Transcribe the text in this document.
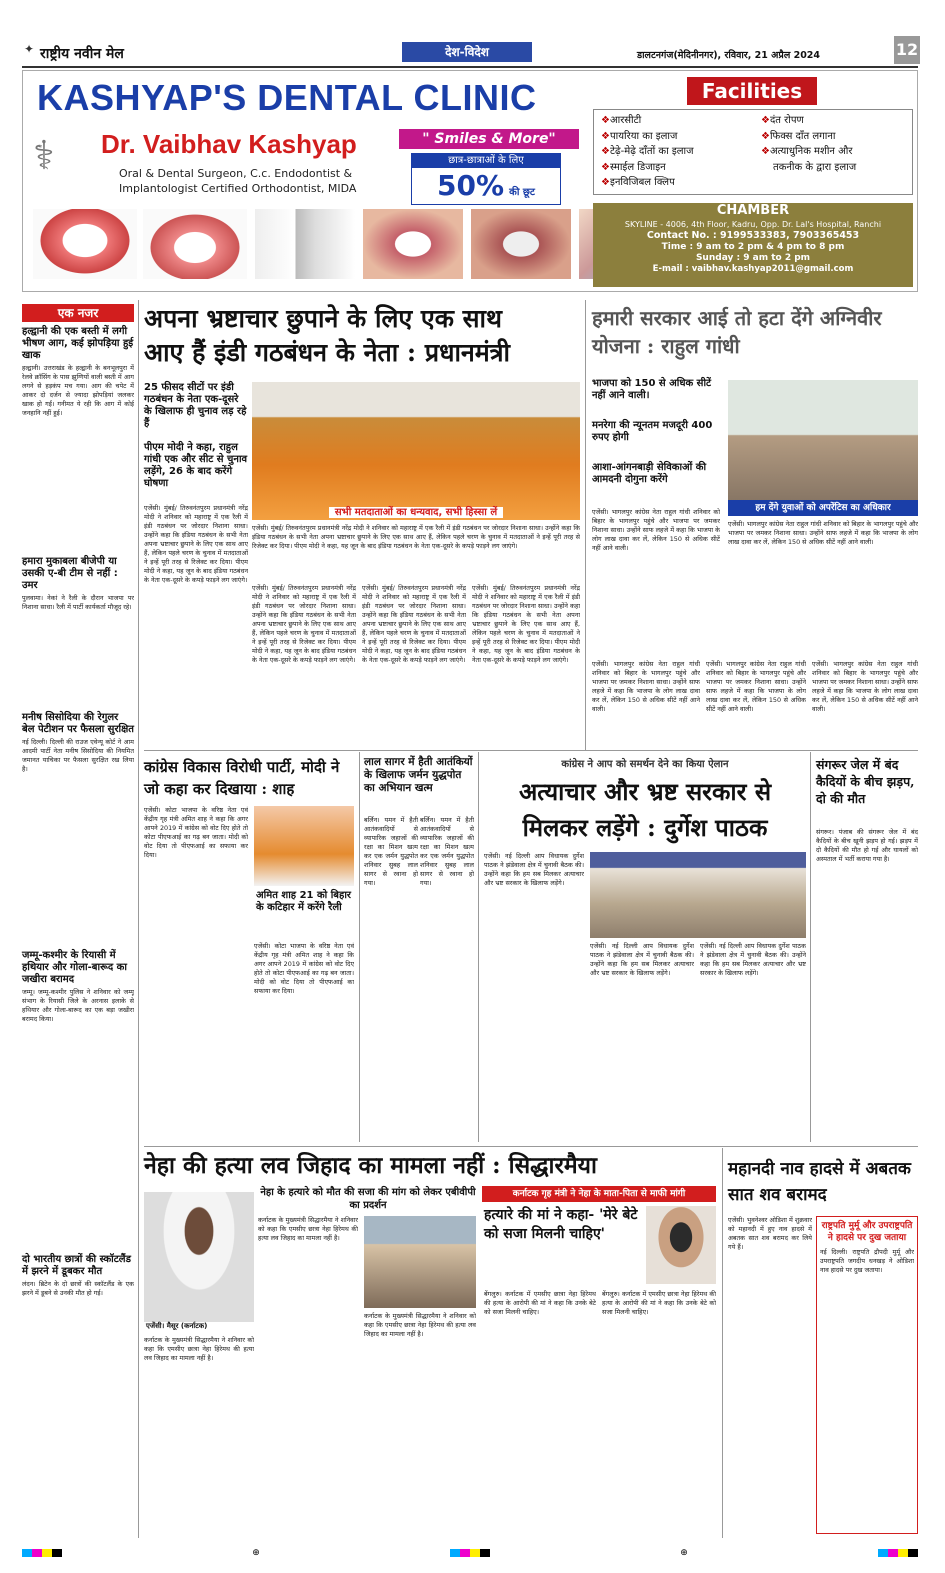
✦ राष्ट्रीय नवीन मेल	देश-विदेश	डालटनगंज(मेदिनीनगर), रविवार, 21 अप्रैल 2024	12
KASHYAP'S DENTAL CLINIC
⚕ Dr. Vaibhav Kashyap	" Smiles & More"
Oral & Dental Surgeon, C.c. Endodontist &
Implantologist Certified Orthodontist, MIDA
छात्र-छात्राओं के लिए
50% की छूट
Facilities
❖ आरसीटी
❖ पायरिया का इलाज
❖ टेढ़े-मेढ़े दाँतों का इलाज
❖ स्माईल डिजाइन
❖ इनविजिबल क्लिप
❖ दंत रोपण
❖ फिक्स दाँत लगाना
❖ अत्याधुनिक मशीन और
तकनीक के द्वारा इलाज
CHAMBER
SKYLINE - 4006, 4th Floor, Kadru, Opp. Dr. Lal's Hospital, Ranchi
Contact No. : 9199533383, 7903365453
Time : 9 am to 2 pm & 4 pm to 8 pm
Sunday : 9 am to 2 pm
E-mail : vaibhav.kashyap2011@gmail.com
एक नजर
हल्द्वानी की एक बस्ती में लगी भीषण आग, कई झोपड़िया हुई खाक
हल्द्वानी। उत्तराखंड के हल्द्वानी के बनभूलपुरा में रेलवे क्रॉसिंग के पास झुग्गियों वाली बस्ती में आग लगने से हड़कंप मच गया। आग की चपेट में आकर दो दर्जन से ज्यादा झोपड़ियां जलकर खाक हो गईं। गनीमत ये रही कि आग में कोई जनहानि नहीं हुई।
हमारा मुकाबला बीजेपी या उसकी ए-बी टीम से नहीं : उमर
पुलवामा। नेकां ने रैली के दौरान भाजपा पर निशाना साधा। रैली में पार्टी कार्यकर्ता मौजूद रहे।
मनीष सिसोदिया की रेगुलर बेल पेटीशन पर फैसला सुरक्षित
नई दिल्ली। दिल्ली की राउज एवेन्यू कोर्ट ने आम आदमी पार्टी नेता मनीष सिसोदिया की नियमित जमानत याचिका पर फैसला सुरक्षित रख लिया है।
जम्मू-कश्मीर के रियासी में हथियार और गोला-बारूद का जखीरा बरामद
जम्मू। जम्मू-कश्मीर पुलिस ने शनिवार को जम्मू संभाग के रियासी जिले के अरनास इलाके से हथियार और गोला-बारूद का एक बड़ा जखीरा बरामद किया।
दो भारतीय छात्रों की स्कॉटलैंड में झरने में डूबकर मौत
लंदन। ब्रिटेन के दो छात्रों की स्कॉटलैंड के एक झरने में डूबने से उनकी मौत हो गई।
अपना भ्रष्टाचार छुपाने के लिए एक साथ
आए हैं इंडी गठबंधन के नेता : प्रधानमंत्री
25 फीसद सीटों पर इंडी गठबंधन के नेता एक-दूसरे के खिलाफ ही चुनाव लड़ रहे हैं
पीएम मोदी ने कहा, राहुल गांधी एक और सीट से चुनाव लड़ेंगे, 26 के बाद करेंगे घोषणा
सभी मतदाताओं का धन्यवाद, सभी हिस्सा लें
एजेंसी। मुंबई/ तिरुवनंतपुरम प्रधानमंत्री नरेंद्र मोदी ने शनिवार को महाराष्ट्र में एक रैली में इंडी गठबंधन पर जोरदार निशाना साधा। उन्होंने कहा कि इंडिया गठबंधन के सभी नेता अपना भ्रष्टाचार छुपाने के लिए एक साथ आए हैं, लेकिन पहले चरण के चुनाव में मतदाताओं ने इन्हें पूरी तरह से रिजेक्ट कर दिया। पीएम मोदी ने कहा, यह जून के बाद इंडिया गठबंधन के नेता एक-दूसरे के कपड़े फाड़ने लग जाएंगे।
एजेंसी। मुंबई/ तिरुवनंतपुरम प्रधानमंत्री नरेंद्र मोदी ने शनिवार को महाराष्ट्र में एक रैली में इंडी गठबंधन पर जोरदार निशाना साधा। उन्होंने कहा कि इंडिया गठबंधन के सभी नेता अपना भ्रष्टाचार छुपाने के लिए एक साथ आए हैं, लेकिन पहले चरण के चुनाव में मतदाताओं ने इन्हें पूरी तरह से रिजेक्ट कर दिया। पीएम मोदी ने कहा, यह जून के बाद इंडिया गठबंधन के नेता एक-दूसरे के कपड़े फाड़ने लग जाएंगे।
एजेंसी। मुंबई/ तिरुवनंतपुरम प्रधानमंत्री नरेंद्र मोदी ने शनिवार को महाराष्ट्र में एक रैली में इंडी गठबंधन पर जोरदार निशाना साधा। उन्होंने कहा कि इंडिया गठबंधन के सभी नेता अपना भ्रष्टाचार छुपाने के लिए एक साथ आए हैं, लेकिन पहले चरण के चुनाव में मतदाताओं ने इन्हें पूरी तरह से रिजेक्ट कर दिया। पीएम मोदी ने कहा, यह जून के बाद इंडिया गठबंधन के नेता एक-दूसरे के कपड़े फाड़ने लग जाएंगे।
एजेंसी। मुंबई/ तिरुवनंतपुरम प्रधानमंत्री नरेंद्र मोदी ने शनिवार को महाराष्ट्र में एक रैली में इंडी गठबंधन पर जोरदार निशाना साधा। उन्होंने कहा कि इंडिया गठबंधन के सभी नेता अपना भ्रष्टाचार छुपाने के लिए एक साथ आए हैं, लेकिन पहले चरण के चुनाव में मतदाताओं ने इन्हें पूरी तरह से रिजेक्ट कर दिया। पीएम मोदी ने कहा, यह जून के बाद इंडिया गठबंधन के नेता एक-दूसरे के कपड़े फाड़ने लग जाएंगे।
एजेंसी। मुंबई/ तिरुवनंतपुरम प्रधानमंत्री नरेंद्र मोदी ने शनिवार को महाराष्ट्र में एक रैली में इंडी गठबंधन पर जोरदार निशाना साधा। उन्होंने कहा कि इंडिया गठबंधन के सभी नेता अपना भ्रष्टाचार छुपाने के लिए एक साथ आए हैं, लेकिन पहले चरण के चुनाव में मतदाताओं ने इन्हें पूरी तरह से रिजेक्ट कर दिया। पीएम मोदी ने कहा, यह जून के बाद इंडिया गठबंधन के नेता एक-दूसरे के कपड़े फाड़ने लग जाएंगे।
हमारी सरकार आई तो हटा देंगे अग्निवीर योजना : राहुल गांधी
भाजपा को 150 से अधिक सीटें नहीं आने वाली।
मनरेगा की न्यूनतम मजदूरी 400 रुपए होगी
आशा-आंगनबाड़ी सेविकाओं की आमदनी दोगुना करेंगे
हम देंगे युवाओं को अपरेंटिस का अधिकार
एजेंसी। भागलपुर कांग्रेस नेता राहुल गांधी शनिवार को बिहार के भागलपुर पहुंचे और भाजपा पर जमकर निशाना साधा। उन्होंने साफ लहजे में कहा कि भाजपा के लोग लाख दावा कर लें, लेकिन 150 से अधिक सीटें नहीं आने वाली।
एजेंसी। भागलपुर कांग्रेस नेता राहुल गांधी शनिवार को बिहार के भागलपुर पहुंचे और भाजपा पर जमकर निशाना साधा। उन्होंने साफ लहजे में कहा कि भाजपा के लोग लाख दावा कर लें, लेकिन 150 से अधिक सीटें नहीं आने वाली।
एजेंसी। भागलपुर कांग्रेस नेता राहुल गांधी शनिवार को बिहार के भागलपुर पहुंचे और भाजपा पर जमकर निशाना साधा। उन्होंने साफ लहजे में कहा कि भाजपा के लोग लाख दावा कर लें, लेकिन 150 से अधिक सीटें नहीं आने वाली।
एजेंसी। भागलपुर कांग्रेस नेता राहुल गांधी शनिवार को बिहार के भागलपुर पहुंचे और भाजपा पर जमकर निशाना साधा। उन्होंने साफ लहजे में कहा कि भाजपा के लोग लाख दावा कर लें, लेकिन 150 से अधिक सीटें नहीं आने वाली।
एजेंसी। भागलपुर कांग्रेस नेता राहुल गांधी शनिवार को बिहार के भागलपुर पहुंचे और भाजपा पर जमकर निशाना साधा। उन्होंने साफ लहजे में कहा कि भाजपा के लोग लाख दावा कर लें, लेकिन 150 से अधिक सीटें नहीं आने वाली।
कांग्रेस विकास विरोधी पार्टी, मोदी ने जो कहा कर दिखाया : शाह
एजेंसी। कोटा भाजपा के वरिष्ठ नेता एवं केंद्रीय गृह मंत्री अमित शाह ने कहा कि अगर आपने 2019 में कांग्रेस को वोट दिए होते तो कोटा पीएफआई का गढ़ बन जाता। मोदी को वोट दिया तो पीएफआई का सफाया कर दिया।
अमित शाह 21 को बिहार के कटिहार में करेंगे रैली
एजेंसी। कोटा भाजपा के वरिष्ठ नेता एवं केंद्रीय गृह मंत्री अमित शाह ने कहा कि अगर आपने 2019 में कांग्रेस को वोट दिए होते तो कोटा पीएफआई का गढ़ बन जाता। मोदी को वोट दिया तो पीएफआई का सफाया कर दिया।
लाल सागर में हैती आतंकियों के खिलाफ जर्मन युद्धपोत का अभियान खत्म
बर्लिन। यमन में हैती आतंकवादियों से व्यापारिक जहाजों की रक्षा का मिशन खत्म कर एक जर्मन युद्धपोत शनिवार सुबह लाल सागर से रवाना हो गया।
बर्लिन। यमन में हैती आतंकवादियों से व्यापारिक जहाजों की रक्षा का मिशन खत्म कर एक जर्मन युद्धपोत शनिवार सुबह लाल सागर से रवाना हो गया।
कांग्रेस ने आप को समर्थन देने का किया ऐलान
अत्याचार और भ्रष्ट सरकार से मिलकर लड़ेंगे : दुर्गेश पाठक
एजेंसी। नई दिल्ली आप विधायक दुर्गेश पाठक ने झंडेवाला क्षेत्र में चुनावी बैठक की। उन्होंने कहा कि हम सब मिलकर अत्याचार और भ्रष्ट सरकार के खिलाफ लड़ेंगे।
एजेंसी। नई दिल्ली आप विधायक दुर्गेश पाठक ने झंडेवाला क्षेत्र में चुनावी बैठक की। उन्होंने कहा कि हम सब मिलकर अत्याचार और भ्रष्ट सरकार के खिलाफ लड़ेंगे।
एजेंसी। नई दिल्ली आप विधायक दुर्गेश पाठक ने झंडेवाला क्षेत्र में चुनावी बैठक की। उन्होंने कहा कि हम सब मिलकर अत्याचार और भ्रष्ट सरकार के खिलाफ लड़ेंगे।
संगरूर जेल में बंद कैदियों के बीच झड़प, दो की मौत
संगरूर। पंजाब की संगरूर जेल में बंद कैदियों के बीच खूनी झड़प हो गई। झड़प में दो कैदियों की मौत हो गई और घायलों को अस्पताल में भर्ती कराया गया है।
नेहा की हत्या लव जिहाद का मामला नहीं : सिद्धारमैया
एजेंसी। मैसूर (कर्नाटक)
नेहा के हत्यारे को मौत की सजा की मांग को लेकर एबीवीपी का प्रदर्शन
कर्नाटक के मुख्यमंत्री सिद्धारमैया ने शनिवार को कहा कि एमसीए छात्रा नेहा हिरेमथ की हत्या लव जिहाद का मामला नहीं है।
कर्नाटक के मुख्यमंत्री सिद्धारमैया ने शनिवार को कहा कि एमसीए छात्रा नेहा हिरेमथ की हत्या लव जिहाद का मामला नहीं है।
कर्नाटक के मुख्यमंत्री सिद्धारमैया ने शनिवार को कहा कि एमसीए छात्रा नेहा हिरेमथ की हत्या लव जिहाद का मामला नहीं है।
कर्नाटक गृह मंत्री ने नेहा के माता-पिता से माफी मांगी
हत्यारे की मां ने कहा- 'मेरे बेटे को सजा मिलनी चाहिए'
बेंगलुरु। कर्नाटक में एमसीए छात्रा नेहा हिरेमथ की हत्या के आरोपी की मां ने कहा कि उनके बेटे को सजा मिलनी चाहिए।
बेंगलुरु। कर्नाटक में एमसीए छात्रा नेहा हिरेमथ की हत्या के आरोपी की मां ने कहा कि उनके बेटे को सजा मिलनी चाहिए।
महानदी नाव हादसे में अबतक सात शव बरामद
एजेंसी। भुवनेश्वर ओडिशा में शुक्रवार को महानदी में हुए नाव हादसे में अबतक सात शव बरामद कर लिये गये हैं।
राष्ट्रपति मुर्मू और उपराष्ट्रपति ने हादसे पर दुख जताया
नई दिल्ली। राष्ट्रपति द्रौपदी मुर्मू और उपराष्ट्रपति जगदीप धनखड़ ने ओडिशा नाव हादसे पर दुख जताया।
⊕	⊕
